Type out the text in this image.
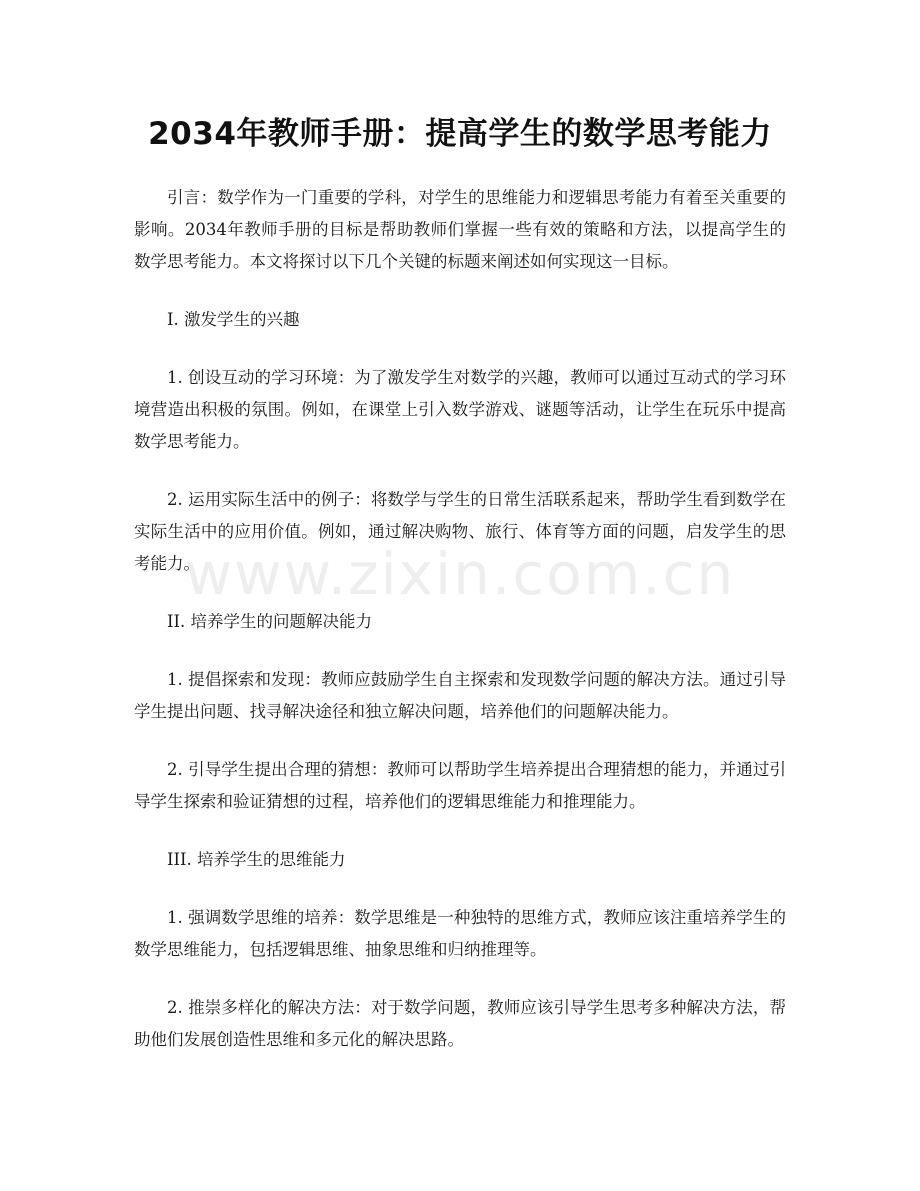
2034年教师手册：提高学生的数学思考能力
www.zixin.com.cn

引言：数学作为一门重要的学科，对学生的思维能力和逻辑思考能力有着至关重要的影响。2034年教师手册的目标是帮助教师们掌握一些有效的策略和方法，以提高学生的数学思考能力。本文将探讨以下几个关键的标题来阐述如何实现这一目标。

I. 激发学生的兴趣

1. 创设互动的学习环境：为了激发学生对数学的兴趣，教师可以通过互动式的学习环境营造出积极的氛围。例如，在课堂上引入数学游戏、谜题等活动，让学生在玩乐中提高数学思考能力。

2. 运用实际生活中的例子：将数学与学生的日常生活联系起来，帮助学生看到数学在实际生活中的应用价值。例如，通过解决购物、旅行、体育等方面的问题，启发学生的思考能力。

II. 培养学生的问题解决能力

1. 提倡探索和发现：教师应鼓励学生自主探索和发现数学问题的解决方法。通过引导学生提出问题、找寻解决途径和独立解决问题，培养他们的问题解决能力。

2. 引导学生提出合理的猜想：教师可以帮助学生培养提出合理猜想的能力，并通过引导学生探索和验证猜想的过程，培养他们的逻辑思维能力和推理能力。

III. 培养学生的思维能力

1. 强调数学思维的培养：数学思维是一种独特的思维方式，教师应该注重培养学生的数学思维能力，包括逻辑思维、抽象思维和归纳推理等。

2. 推崇多样化的解决方法：对于数学问题，教师应该引导学生思考多种解决方法，帮助他们发展创造性思维和多元化的解决思路。
